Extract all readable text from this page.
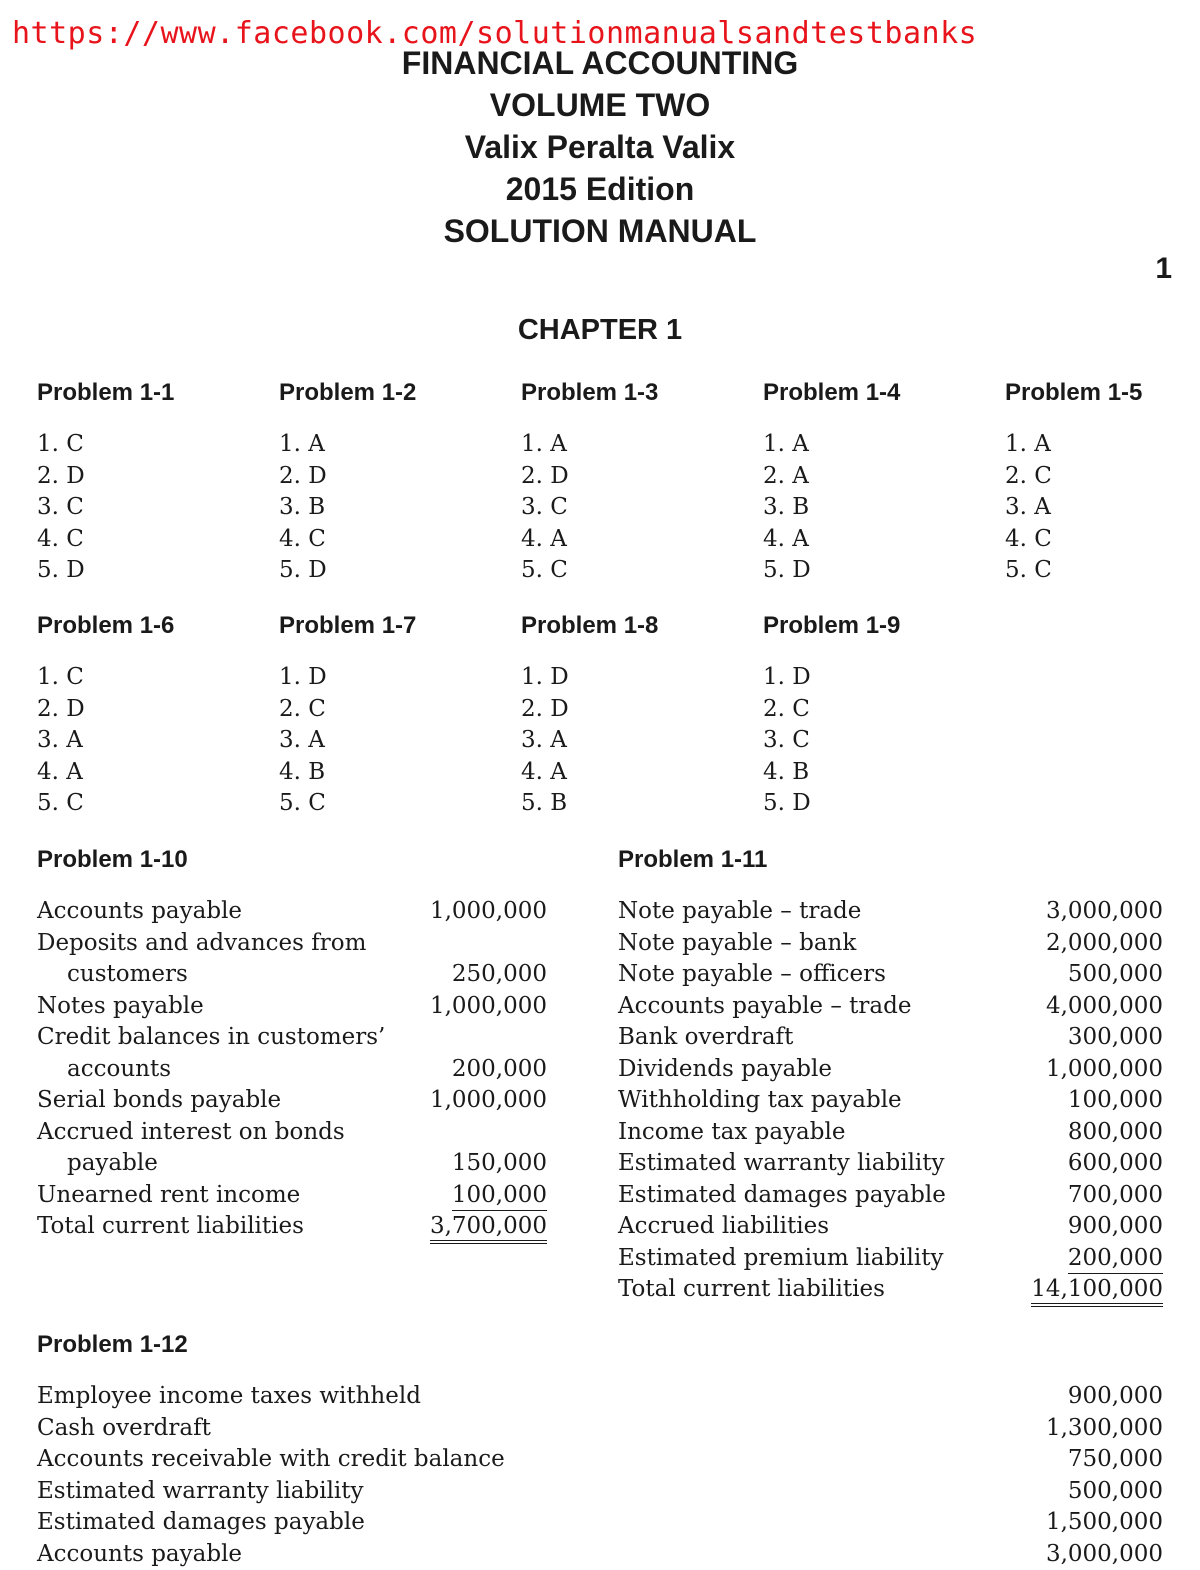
https://www.facebook.com/solutionmanualsandtestbanks
FINANCIAL ACCOUNTING
VOLUME TWO
Valix Peralta Valix
2015 Edition
SOLUTION MANUAL
1
CHAPTER 1
Problem 1-1
1. C
2. D
3. C
4. C
5. D
Problem 1-2
1. A
2. D
3. B
4. C
5. D
Problem 1-3
1. A
2. D
3. C
4. A
5. C
Problem 1-4
1. A
2. A
3. B
4. A
5. D
Problem 1-5
1. A
2. C
3. A
4. C
5. C
Problem 1-6
1. C
2. D
3. A
4. A
5. C
Problem 1-7
1. D
2. C
3. A
4. B
5. C
Problem 1-8
1. D
2. D
3. A
4. A
5. B
Problem 1-9
1. D
2. C
3. C
4. B
5. D
Problem 1-10
Accounts payable	1,000,000
Deposits and advances from
customers	250,000
Notes payable	1,000,000
Credit balances in customers’
accounts	200,000
Serial bonds payable	1,000,000
Accrued interest on bonds
payable	150,000
Unearned rent income	100,000
Total current liabilities	3,700,000
Problem 1-11
Note payable – trade	3,000,000
Note payable – bank	2,000,000
Note payable – officers	500,000
Accounts payable – trade	4,000,000
Bank overdraft	300,000
Dividends payable	1,000,000
Withholding tax payable	100,000
Income tax payable	800,000
Estimated warranty liability	600,000
Estimated damages payable	700,000
Accrued liabilities	900,000
Estimated premium liability	200,000
Total current liabilities	14,100,000
Problem 1-12
Employee income taxes withheld	900,000
Cash overdraft	1,300,000
Accounts receivable with credit balance	750,000
Estimated warranty liability	500,000
Estimated damages payable	1,500,000
Accounts payable	3,000,000
